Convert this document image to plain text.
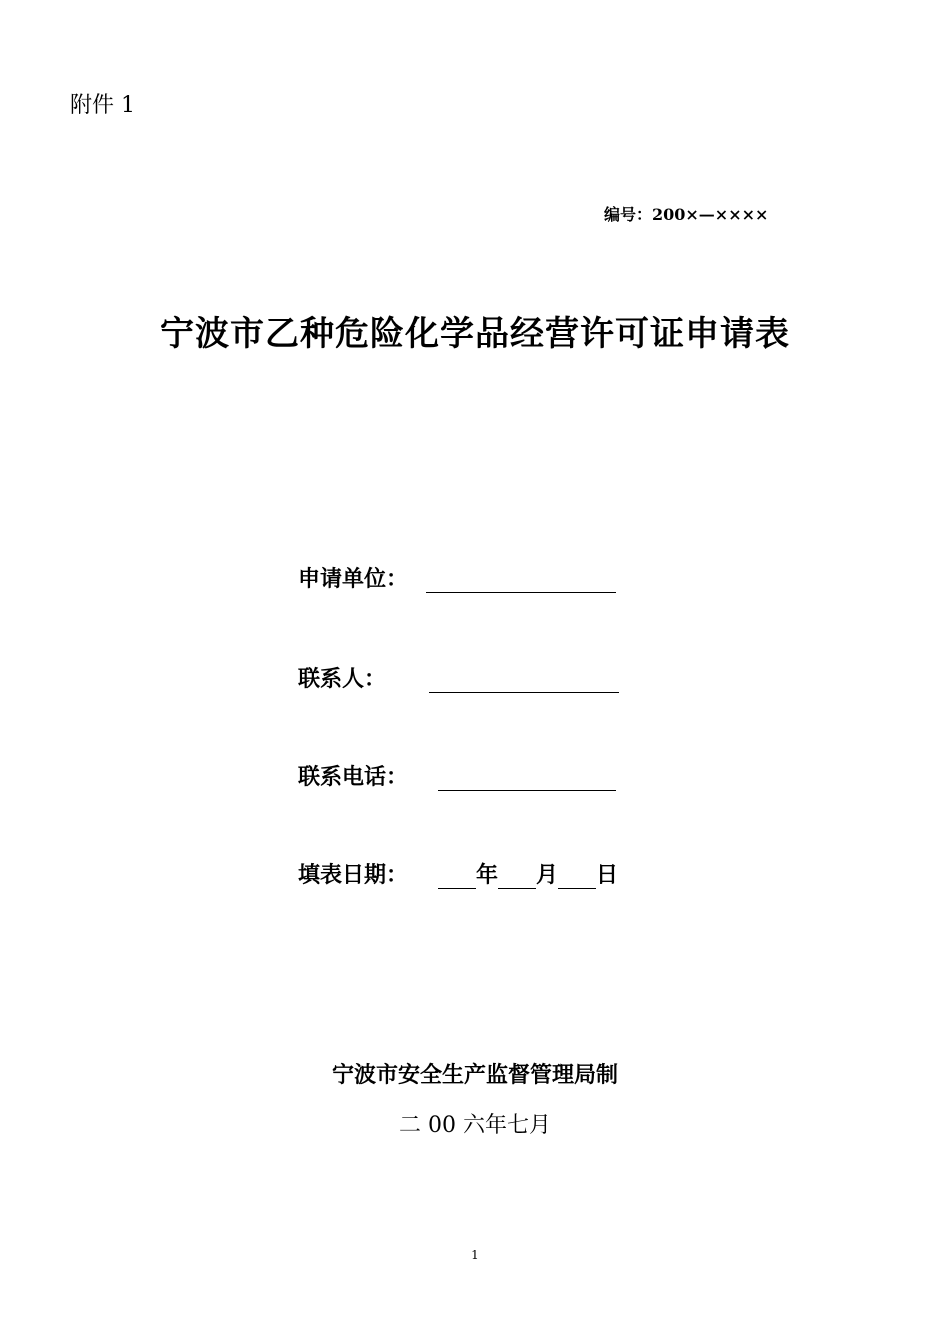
附件 1
编号：200×—××××
宁波市乙种危险化学品经营许可证申请表
申请单位：
联系人：
联系电话：
填表日期：	年 月 日
宁波市安全生产监督管理局制
二 00 六年七月
1
